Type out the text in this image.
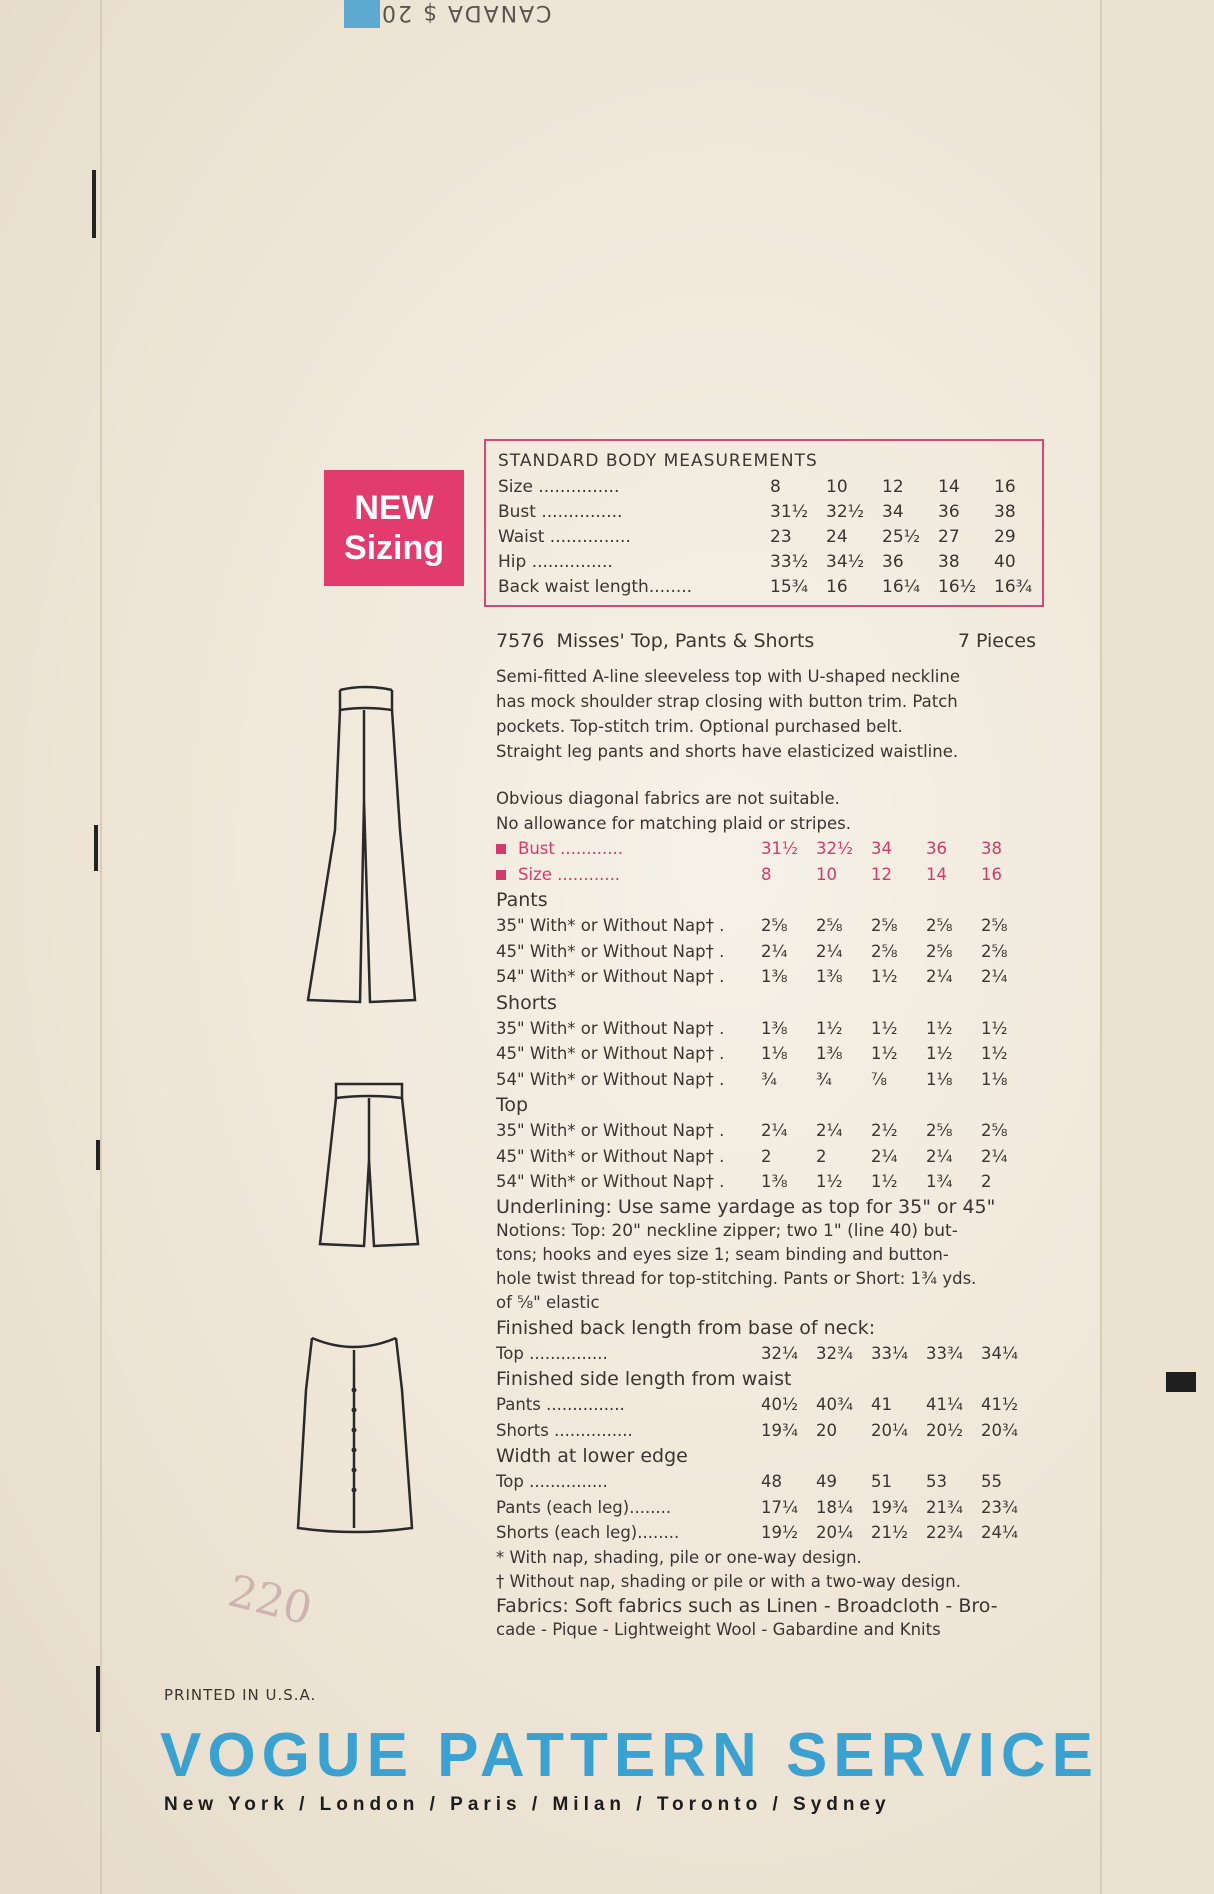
CANADA $ 20
NEW
Sizing
STANDARD BODY MEASUREMENTS
Size ...............	8	10	12	14	16
Bust ...............	31½	32½	34	36	38
Waist ...............	23	24	25½	27	29
Hip ...............	33½	34½	36	38	40
Back waist length........	15¾	16	16¼	16½	16¾
7576 Misses' Top, Pants & Shorts	7 Pieces

Semi-fitted A-line sleeveless top with U-shaped neckline

has mock shoulder strap closing with button trim. Patch

pockets. Top-stitch trim. Optional purchased belt.

Straight leg pants and shorts have elasticized waistline.

Obvious diagonal fabrics are not suitable.

No allowance for matching plaid or stripes.

Bust ............	31½	32½	34	36	38
Size ............	8	10	12	14	16
Pants
35" With* or Without Nap† .	2⅝	2⅝	2⅝	2⅝	2⅝
45" With* or Without Nap† .	2¼	2¼	2⅝	2⅝	2⅝
54" With* or Without Nap† .	1⅜	1⅜	1½	2¼	2¼
Shorts
35" With* or Without Nap† .	1⅜	1½	1½	1½	1½
45" With* or Without Nap† .	1⅛	1⅜	1½	1½	1½
54" With* or Without Nap† .	¾	¾	⅞	1⅛	1⅛
Top
35" With* or Without Nap† .	2¼	2¼	2½	2⅝	2⅝
45" With* or Without Nap† .	2	2	2¼	2¼	2¼
54" With* or Without Nap† .	1⅜	1½	1½	1¾	2
Underlining: Use same yardage as top for 35" or 45"
Notions: Top: 20" neckline zipper; two 1" (line 40) but-
tons; hooks and eyes size 1; seam binding and button-
hole twist thread for top-stitching. Pants or Short: 1¾ yds.
of ⅝" elastic
Finished back length from base of neck:
Top ...............	32¼	32¾	33¼	33¾	34¼
Finished side length from waist
Pants ...............	40½	40¾	41	41¼	41½
Shorts ...............	19¾	20	20¼	20½	20¾
Width at lower edge
Top ...............	48	49	51	53	55
Pants (each leg)........	17¼	18¼	19¾	21¾	23¾
Shorts (each leg)........	19½	20¼	21½	22¾	24¼
* With nap, shading, pile or one-way design.
† Without nap, shading or pile or with a two-way design.
Fabrics: Soft fabrics such as Linen - Broadcloth - Bro-
cade - Pique - Lightweight Wool - Gabardine and Knits
220
PRINTED IN U.S.A.
VOGUE PATTERN SERVICE
New York / London / Paris / Milan / Toronto / Sydney
